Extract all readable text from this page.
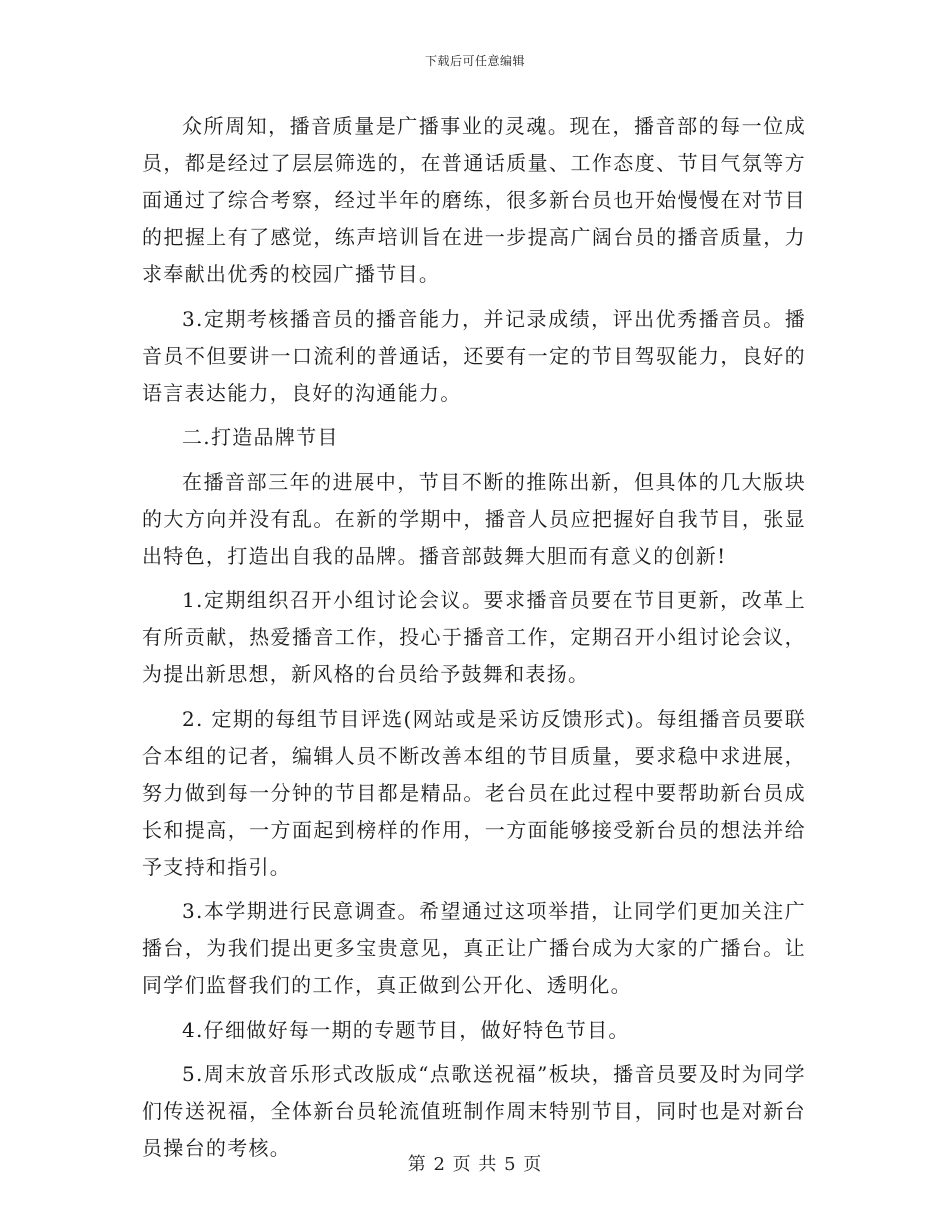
下载后可任意编辑

众所周知，播音质量是广播事业的灵魂。现在，播音部的每一位成员，都是经过了层层筛选的，在普通话质量、工作态度、节目气氛等方面通过了综合考察，经过半年的磨练，很多新台员也开始慢慢在对节目的把握上有了感觉，练声培训旨在进一步提高广阔台员的播音质量，力求奉献出优秀的校园广播节目。

3.定期考核播音员的播音能力，并记录成绩，评出优秀播音员。播音员不但要讲一口流利的普通话，还要有一定的节目驾驭能力，良好的语言表达能力，良好的沟通能力。

二.打造品牌节目

在播音部三年的进展中，节目不断的推陈出新，但具体的几大版块的大方向并没有乱。在新的学期中，播音人员应把握好自我节目，张显出特色，打造出自我的品牌。播音部鼓舞大胆而有意义的创新!

1.定期组织召开小组讨论会议。要求播音员要在节目更新，改革上有所贡献，热爱播音工作，投心于播音工作，定期召开小组讨论会议，为提出新思想，新风格的台员给予鼓舞和表扬。

2. 定期的每组节目评选(网站或是采访反馈形式)。每组播音员要联合本组的记者，编辑人员不断改善本组的节目质量，要求稳中求进展，努力做到每一分钟的节目都是精品。老台员在此过程中要帮助新台员成长和提高，一方面起到榜样的作用，一方面能够接受新台员的想法并给予支持和指引。

3.本学期进行民意调查。希望通过这项举措，让同学们更加关注广播台，为我们提出更多宝贵意见，真正让广播台成为大家的广播台。让同学们监督我们的工作，真正做到公开化、透明化。

4.仔细做好每一期的专题节目，做好特色节目。

5.周末放音乐形式改版成“点歌送祝福”板块，播音员要及时为同学们传送祝福，全体新台员轮流值班制作周末特别节目，同时也是对新台员操台的考核。

第 2 页 共 5 页
